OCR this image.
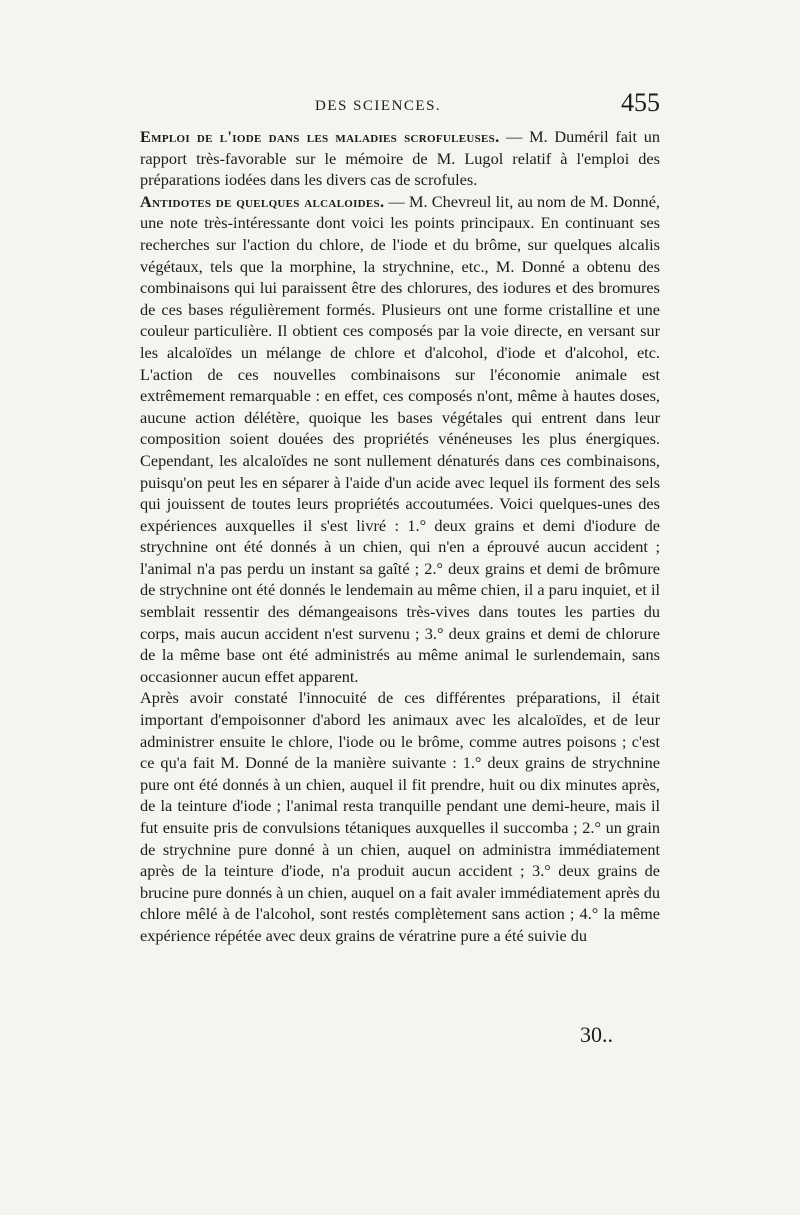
DES SCIENCES.	455

Emploi de l'iode dans les maladies scrofuleuses. — M. Duméril fait un rapport très-favorable sur le mémoire de M. Lugol relatif à l'emploi des préparations iodées dans les divers cas de scrofules.

Antidotes de quelques alcaloides. — M. Chevreul lit, au nom de M. Donné, une note très-intéressante dont voici les points principaux. En continuant ses recherches sur l'action du chlore, de l'iode et du brôme, sur quelques alcalis végétaux, tels que la morphine, la strychnine, etc., M. Donné a obtenu des combinaisons qui lui paraissent être des chlorures, des iodures et des bromures de ces bases régulièrement formés. Plusieurs ont une forme cristalline et une couleur particulière. Il obtient ces composés par la voie directe, en versant sur les alcaloïdes un mélange de chlore et d'alcohol, d'iode et d'alcohol, etc. L'action de ces nouvelles combinaisons sur l'économie animale est extrêmement remarquable : en effet, ces composés n'ont, même à hautes doses, aucune action délétère, quoique les bases végétales qui entrent dans leur composition soient douées des propriétés vénéneuses les plus énergiques. Cependant, les alcaloïdes ne sont nullement dénaturés dans ces combinaisons, puisqu'on peut les en séparer à l'aide d'un acide avec lequel ils forment des sels qui jouissent de toutes leurs propriétés accoutumées. Voici quelques-unes des expériences auxquelles il s'est livré : 1.° deux grains et demi d'iodure de strychnine ont été donnés à un chien, qui n'en a éprouvé aucun accident ; l'animal n'a pas perdu un instant sa gaîté ; 2.° deux grains et demi de brômure de strychnine ont été donnés le lendemain au même chien, il a paru inquiet, et il semblait ressentir des démangeaisons très-vives dans toutes les parties du corps, mais aucun accident n'est survenu ; 3.° deux grains et demi de chlorure de la même base ont été administrés au même animal le surlendemain, sans occasionner aucun effet apparent.

Après avoir constaté l'innocuité de ces différentes préparations, il était important d'empoisonner d'abord les animaux avec les alcaloïdes, et de leur administrer ensuite le chlore, l'iode ou le brôme, comme autres poisons ; c'est ce qu'a fait M. Donné de la manière suivante : 1.° deux grains de strychnine pure ont été donnés à un chien, auquel il fit prendre, huit ou dix minutes après, de la teinture d'iode ; l'animal resta tranquille pendant une demi-heure, mais il fut ensuite pris de convulsions tétaniques auxquelles il succomba ; 2.° un grain de strychnine pure donné à un chien, auquel on administra immédiatement après de la teinture d'iode, n'a produit aucun accident ; 3.° deux grains de brucine pure donnés à un chien, auquel on a fait avaler immédiatement après du chlore mêlé à de l'alcohol, sont restés complètement sans action ; 4.° la même expérience répétée avec deux grains de vératrine pure a été suivie du

30..
